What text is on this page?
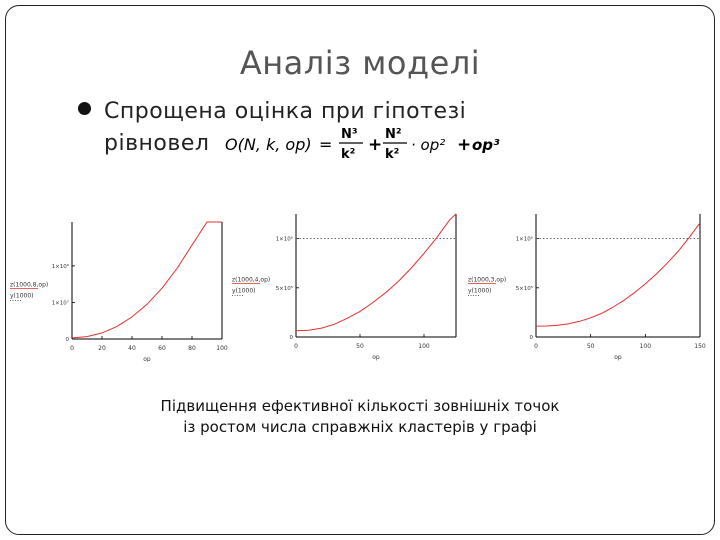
Аналіз моделі
Спрощена оцінка при гіпотезі
рівновел O(N, k, op) =
N³
k² +
N²
k²
· op² + op³
0	20	40	60	80	100
op
0
1×10⁷
1×10⁶
z(1000,8,op)
y(1000)
0	50	100
op
0
5×10⁵
1×10⁶
z(1000,4,op)
y(1000)
0	50	100	150
op
0
5×10⁵
1×10⁶
z(1000,3,op)
y(1000)
Підвищення ефективної кількості зовнішніх точок
із ростом числа справжніх кластерів у графі
